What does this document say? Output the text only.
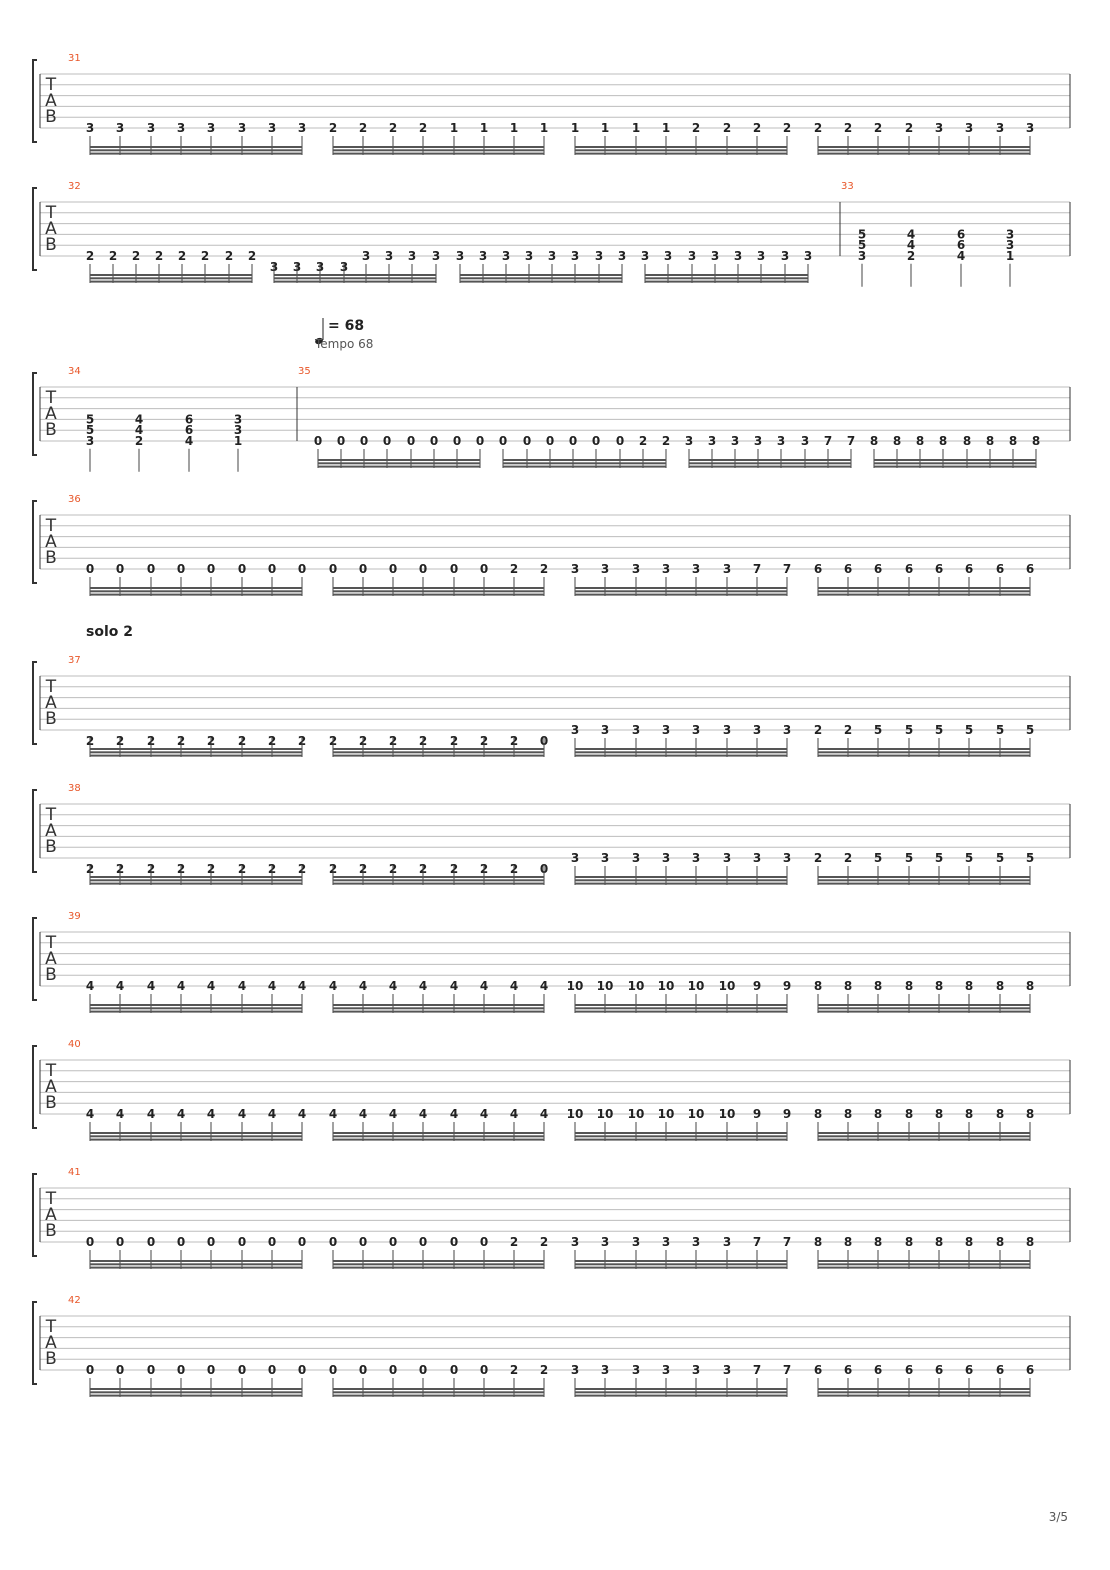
= 68
Tempo 68
solo 2
T
A
B
31
3 3 3 3 3 3 3 3 2 2 2 2 1 1 1 1 1 1 1 1 2 2 2 2 2 2 2 2 3 3 3 3
T
A
B
32
2 2 2 2 2 2 2 2
3 3 3 3
3 3 3 3 3 3 3 3 3 3 3 3 3 3 3 3 3 3 3 3
33
5
5
3
4
4
2
6
6
4
3
3
1
T
A
B
34
5
5
3
4
4
2
6
6
4
3
3
1
35
0 0 0 0 0 0 0 0 0 0 0 0 0 0 2 2 3 3 3 3 3 3 7 7 8 8 8 8 8 8 8 8
T
A
B
36
0 0 0 0 0 0 0 0 0 0 0 0 0 0 2 2 3 3 3 3 3 3 7 7 6 6 6 6 6 6 6 6
T
A
B
37
2 2 2 2 2 2 2 2 2 2 2 2 2 2 2 0
3 3 3 3 3 3 3 3 2 2 5 5 5 5 5 5
T
A
B
38
2 2 2 2 2 2 2 2 2 2 2 2 2 2 2 0
3 3 3 3 3 3 3 3 2 2 5 5 5 5 5 5
T
A
B
39
4 4 4 4 4 4 4 4 4 4 4 4 4 4 4 4 10 10 10 10 10 10 9 9 8 8 8 8 8 8 8 8
T
A
B
40
4 4 4 4 4 4 4 4 4 4 4 4 4 4 4 4 10 10 10 10 10 10 9 9 8 8 8 8 8 8 8 8
T
A
B
41
0 0 0 0 0 0 0 0 0 0 0 0 0 0 2 2 3 3 3 3 3 3 7 7 8 8 8 8 8 8 8 8
T
A
B
42
0 0 0 0 0 0 0 0 0 0 0 0 0 0 2 2 3 3 3 3 3 3 7 7 6 6 6 6 6 6 6 6
3/5
